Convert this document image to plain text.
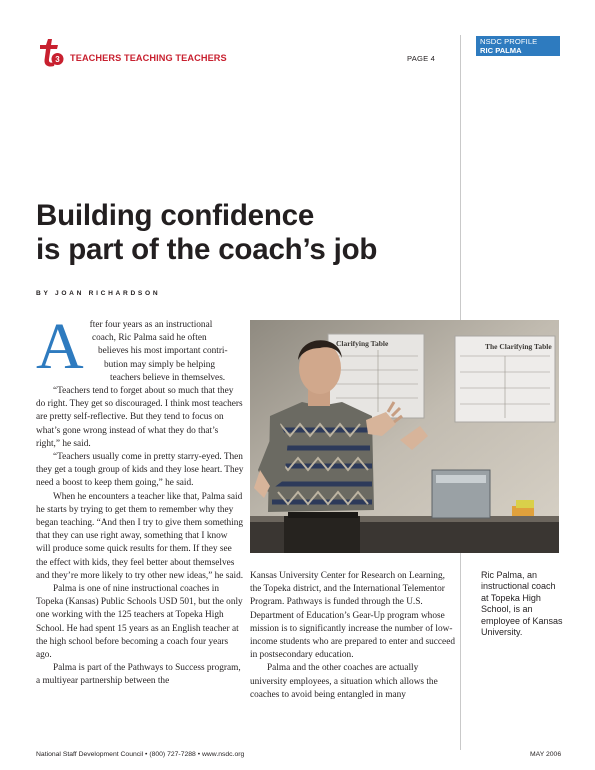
3 TEACHERS TEACHING TEACHERS	PAGE 4
NSDC PROFILE
RIC PALMA
Building confidence
is part of the coach’s job
BY JOAN RICHARDSON
A fter four years as an instructional
coach, Ric Palma said he often
believes his most important contri-
bution may simply be helping
teachers believe in themselves.

“Teachers tend to forget about so much that they do right. They get so discouraged. I think most teachers are pretty self-reflective. But they tend to focus on what’s gone wrong instead of what they do that’s right,” he said.

“Teachers usually come in pretty starry-eyed. Then they get a tough group of kids and they lose heart. They need a boost to keep them going,” he said.

When he encounters a teacher like that, Palma said he starts by trying to get them to remember why they began teaching. “And then I try to give them something that they can use right away, something that I know will produce some quick results for them. If they see the effect with kids, they feel better about themselves and they’re more likely to try other new ideas,” he said.

Palma is one of nine instructional coaches in Topeka (Kansas) Public Schools USD 501, but the only one working with the 125 teachers at Topeka High School. He had spent 15 years as an English teacher at the high school before becoming a coach four years ago.

Palma is part of the Pathways to Success program, a multiyear partnership between the

Clarifying Table	The Clarifying Table

Kansas University Center for Research on Learning, the Topeka district, and the International Telementor Program. Pathways is funded through the U.S. Department of Education’s Gear-Up program whose mission is to significantly increase the number of low-income students who are prepared to enter and succeed in postsecondary education.

Palma and the other coaches are actually university employees, a situation which allows the coaches to avoid being entangled in many

Ric Palma, an instructional coach at Topeka High School, is an employee of Kansas University.
National Staff Development Council • (800) 727-7288 • www.nsdc.org	MAY 2006
